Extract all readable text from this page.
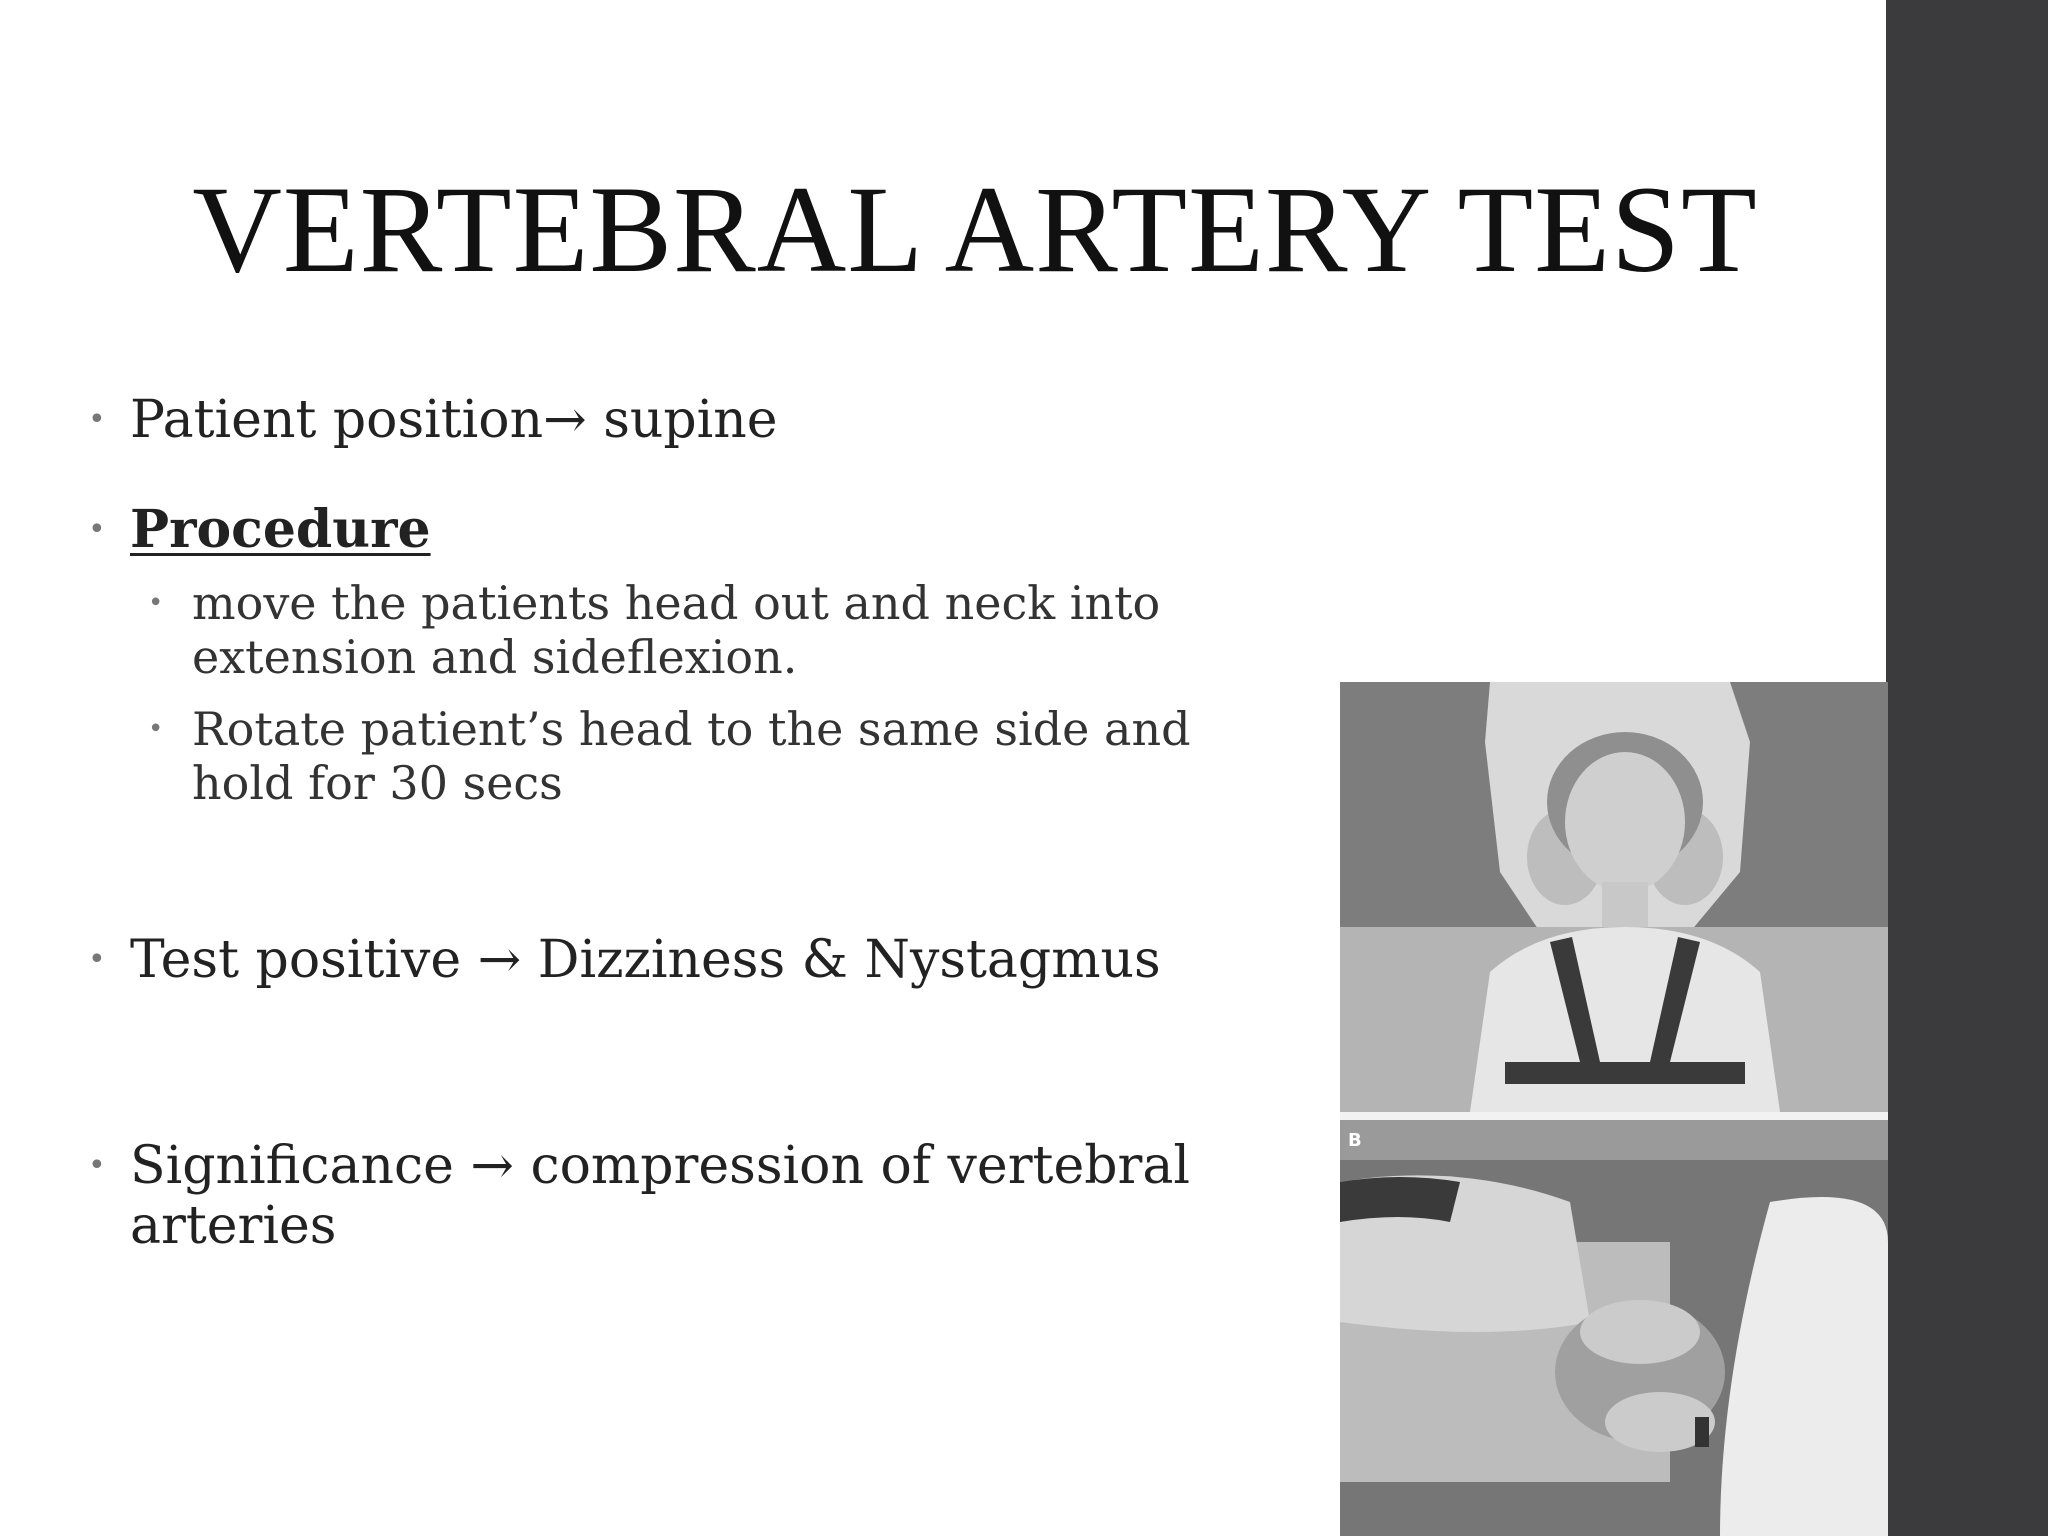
VERTEBRAL ARTERY TEST
• Patient position→ supine
• Procedure
• move the patients head out and neck into
extension and sideflexion.
• Rotate patient’s head to the same side and
hold for 30 secs
• Test positive → Dizziness & Nystagmus
• Significance → compression of vertebral
arteries
B
